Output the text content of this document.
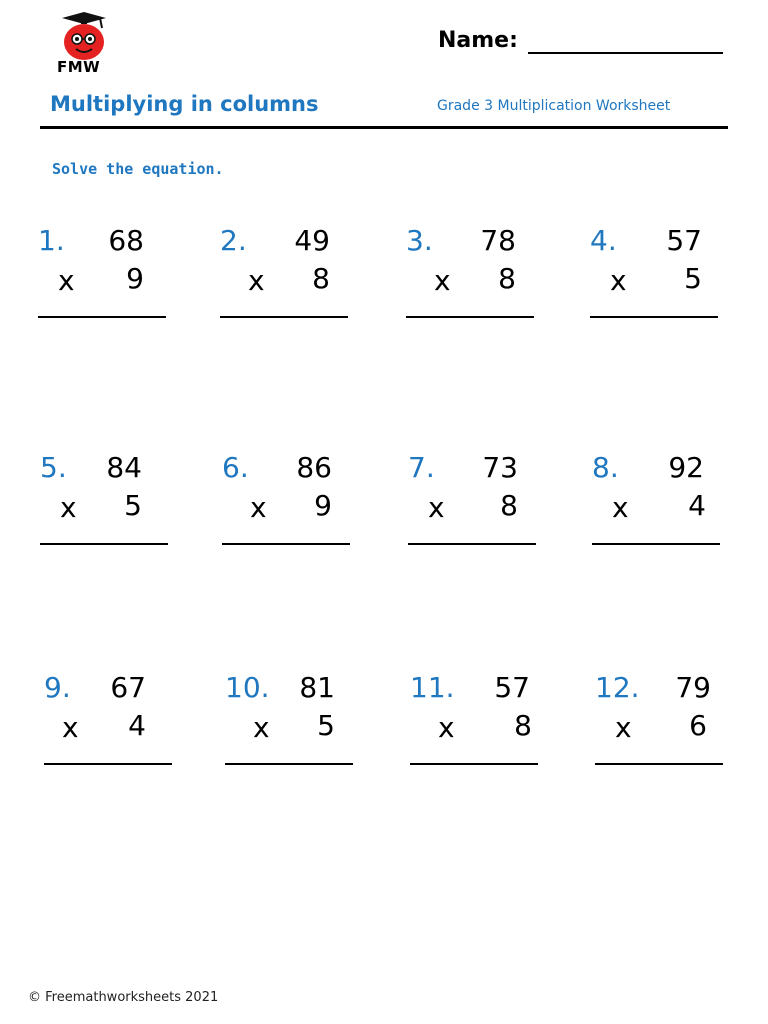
FMW
Name:
Multiplying in columns	Grade 3 Multiplication Worksheet
Solve the equation.
1.	68
x	9
2.	49
x	8
3.	78
x	8
4.	57
x	5
5.	84
x	5
6.	86
x	9
7.	73
x	8
8.	92
x	4
9.	67
x	4
10.	81
x	5
11.	57
x	8
12.	79
x	6
© Freemathworksheets 2021
